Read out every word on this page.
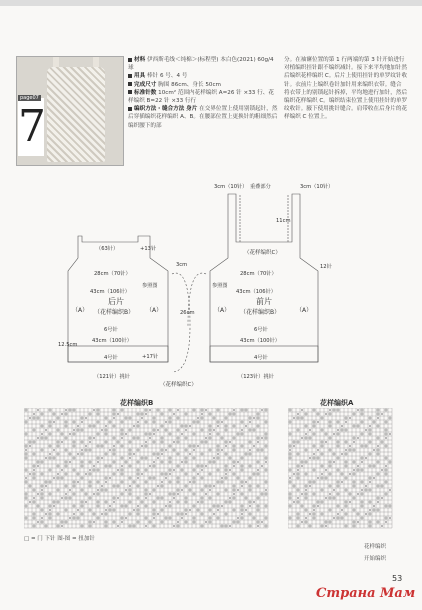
7
page07
材料 伊西斯毛线＜纯棉＞(标程型) 本白色(2021) 60g/4 球
用具 棒针 6 号、4 号
完成尺寸 胸围 86cm、身长 50cm
标准针数 10cm² 范围内花样编织 A=26 针 ×33 行、花样编织 B=22 针 ×33 行行
编织方法・缝合方法 身片 在交界位置上使用别锁起针，然后穿插编织花样编织 A、B。在腰部位置上更换针的粗细然后编织腰下的部
分。在袖窿位置的第 1 行两端的第 3 针开始进行对植编织挂针跟不编织减针。接下来平均地加针然后编织花样编织 C。后片上使用挂针的单罗纹针收针。衣前片上编织卷针加针用来编织衣带。缝合 将衣带上的别锁起针拆掉，平均地进行加针，然后编织花样编织 C。编织结束位置上使用挂针的单罗纹收针。腋下使用挑针缝合。肩带收在后身片的花样编织 C 位置上。
（63针）
28cm（70针）
43cm（106针）
后片
（花样编织B）
（A）	（A）
6号针
12.5cm
43cm（100针）
4号针
（121针）挑针
+13针
+17针
参照图
3cm（10针） 重叠部分	3cm（10针）
11cm
（花样编织C）
28cm（70针）
43cm（106针）
前片
（花样编织B）
（A）	（A）
6号针
43cm（100针）
4号针
（123针）挑针
12针
参照图
26cm
3cm
（花样编织C）
花样编织B	花样编织A
□ = 门 下针 图-图 = 扭加针
花样编织
开始编织
53
Страна Мам
